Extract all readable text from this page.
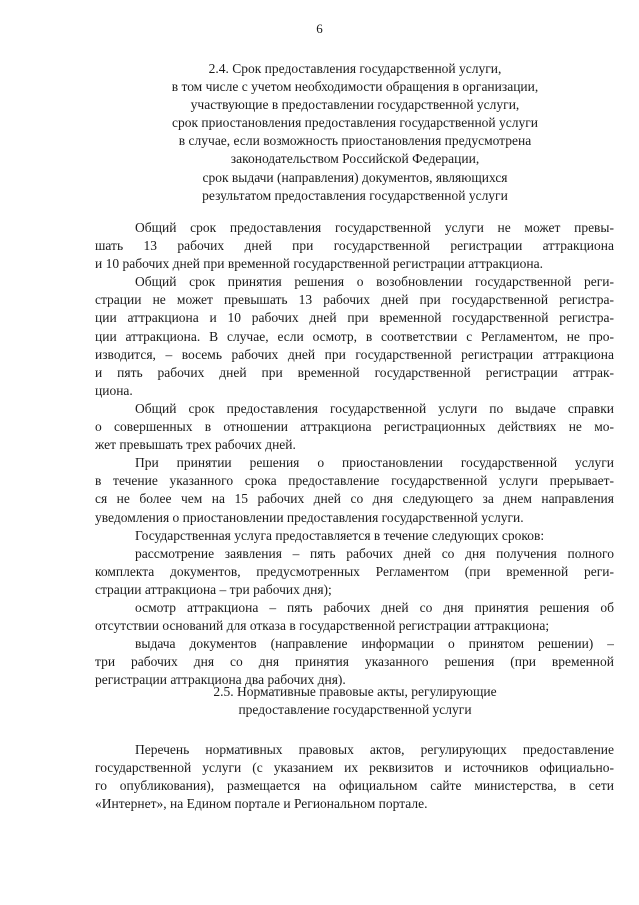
6
2.4. Срок предоставления государственной услуги,
в том числе с учетом необходимости обращения в организации,
участвующие в предоставлении государственной услуги,
срок приостановления предоставления государственной услуги
в случае, если возможность приостановления предусмотрена
законодательством Российской Федерации,
срок выдачи (направления) документов, являющихся
результатом предоставления государственной услуги
Общий срок предоставления государственной услуги не может превы-
шать 13 рабочих дней при государственной регистрации аттракциона
и 10 рабочих дней при временной государственной регистрации аттракциона.
Общий срок принятия решения о возобновлении государственной реги-
страции не может превышать 13 рабочих дней при государственной регистра-
ции аттракциона и 10 рабочих дней при временной государственной регистра-
ции аттракциона. В случае, если осмотр, в соответствии с Регламентом, не про-
изводится, – восемь рабочих дней при государственной регистрации аттракциона
и пять рабочих дней при временной государственной регистрации аттрак-
циона.
Общий срок предоставления государственной услуги по выдаче справки
о совершенных в отношении аттракциона регистрационных действиях не мо-
жет превышать трех рабочих дней.
При принятии решения о приостановлении государственной услуги
в течение указанного срока предоставление государственной услуги прерывает-
ся не более чем на 15 рабочих дней со дня следующего за днем направления
уведомления о приостановлении предоставления государственной услуги.
Государственная услуга предоставляется в течение следующих сроков:
рассмотрение заявления – пять рабочих дней со дня получения полного
комплекта документов, предусмотренных Регламентом (при временной реги-
страции аттракциона – три рабочих дня);
осмотр аттракциона – пять рабочих дней со дня принятия решения об
отсутствии оснований для отказа в государственной регистрации аттракциона;
выдача документов (направление информации о принятом решении) –
три рабочих дня со дня принятия указанного решения (при временной
регистрации аттракциона два рабочих дня).
2.5. Нормативные правовые акты, регулирующие
предоставление государственной услуги
Перечень нормативных правовых актов, регулирующих предоставление
государственной услуги (с указанием их реквизитов и источников официально-
го опубликования), размещается на официальном сайте министерства, в сети
«Интернет», на Едином портале и Региональном портале.
